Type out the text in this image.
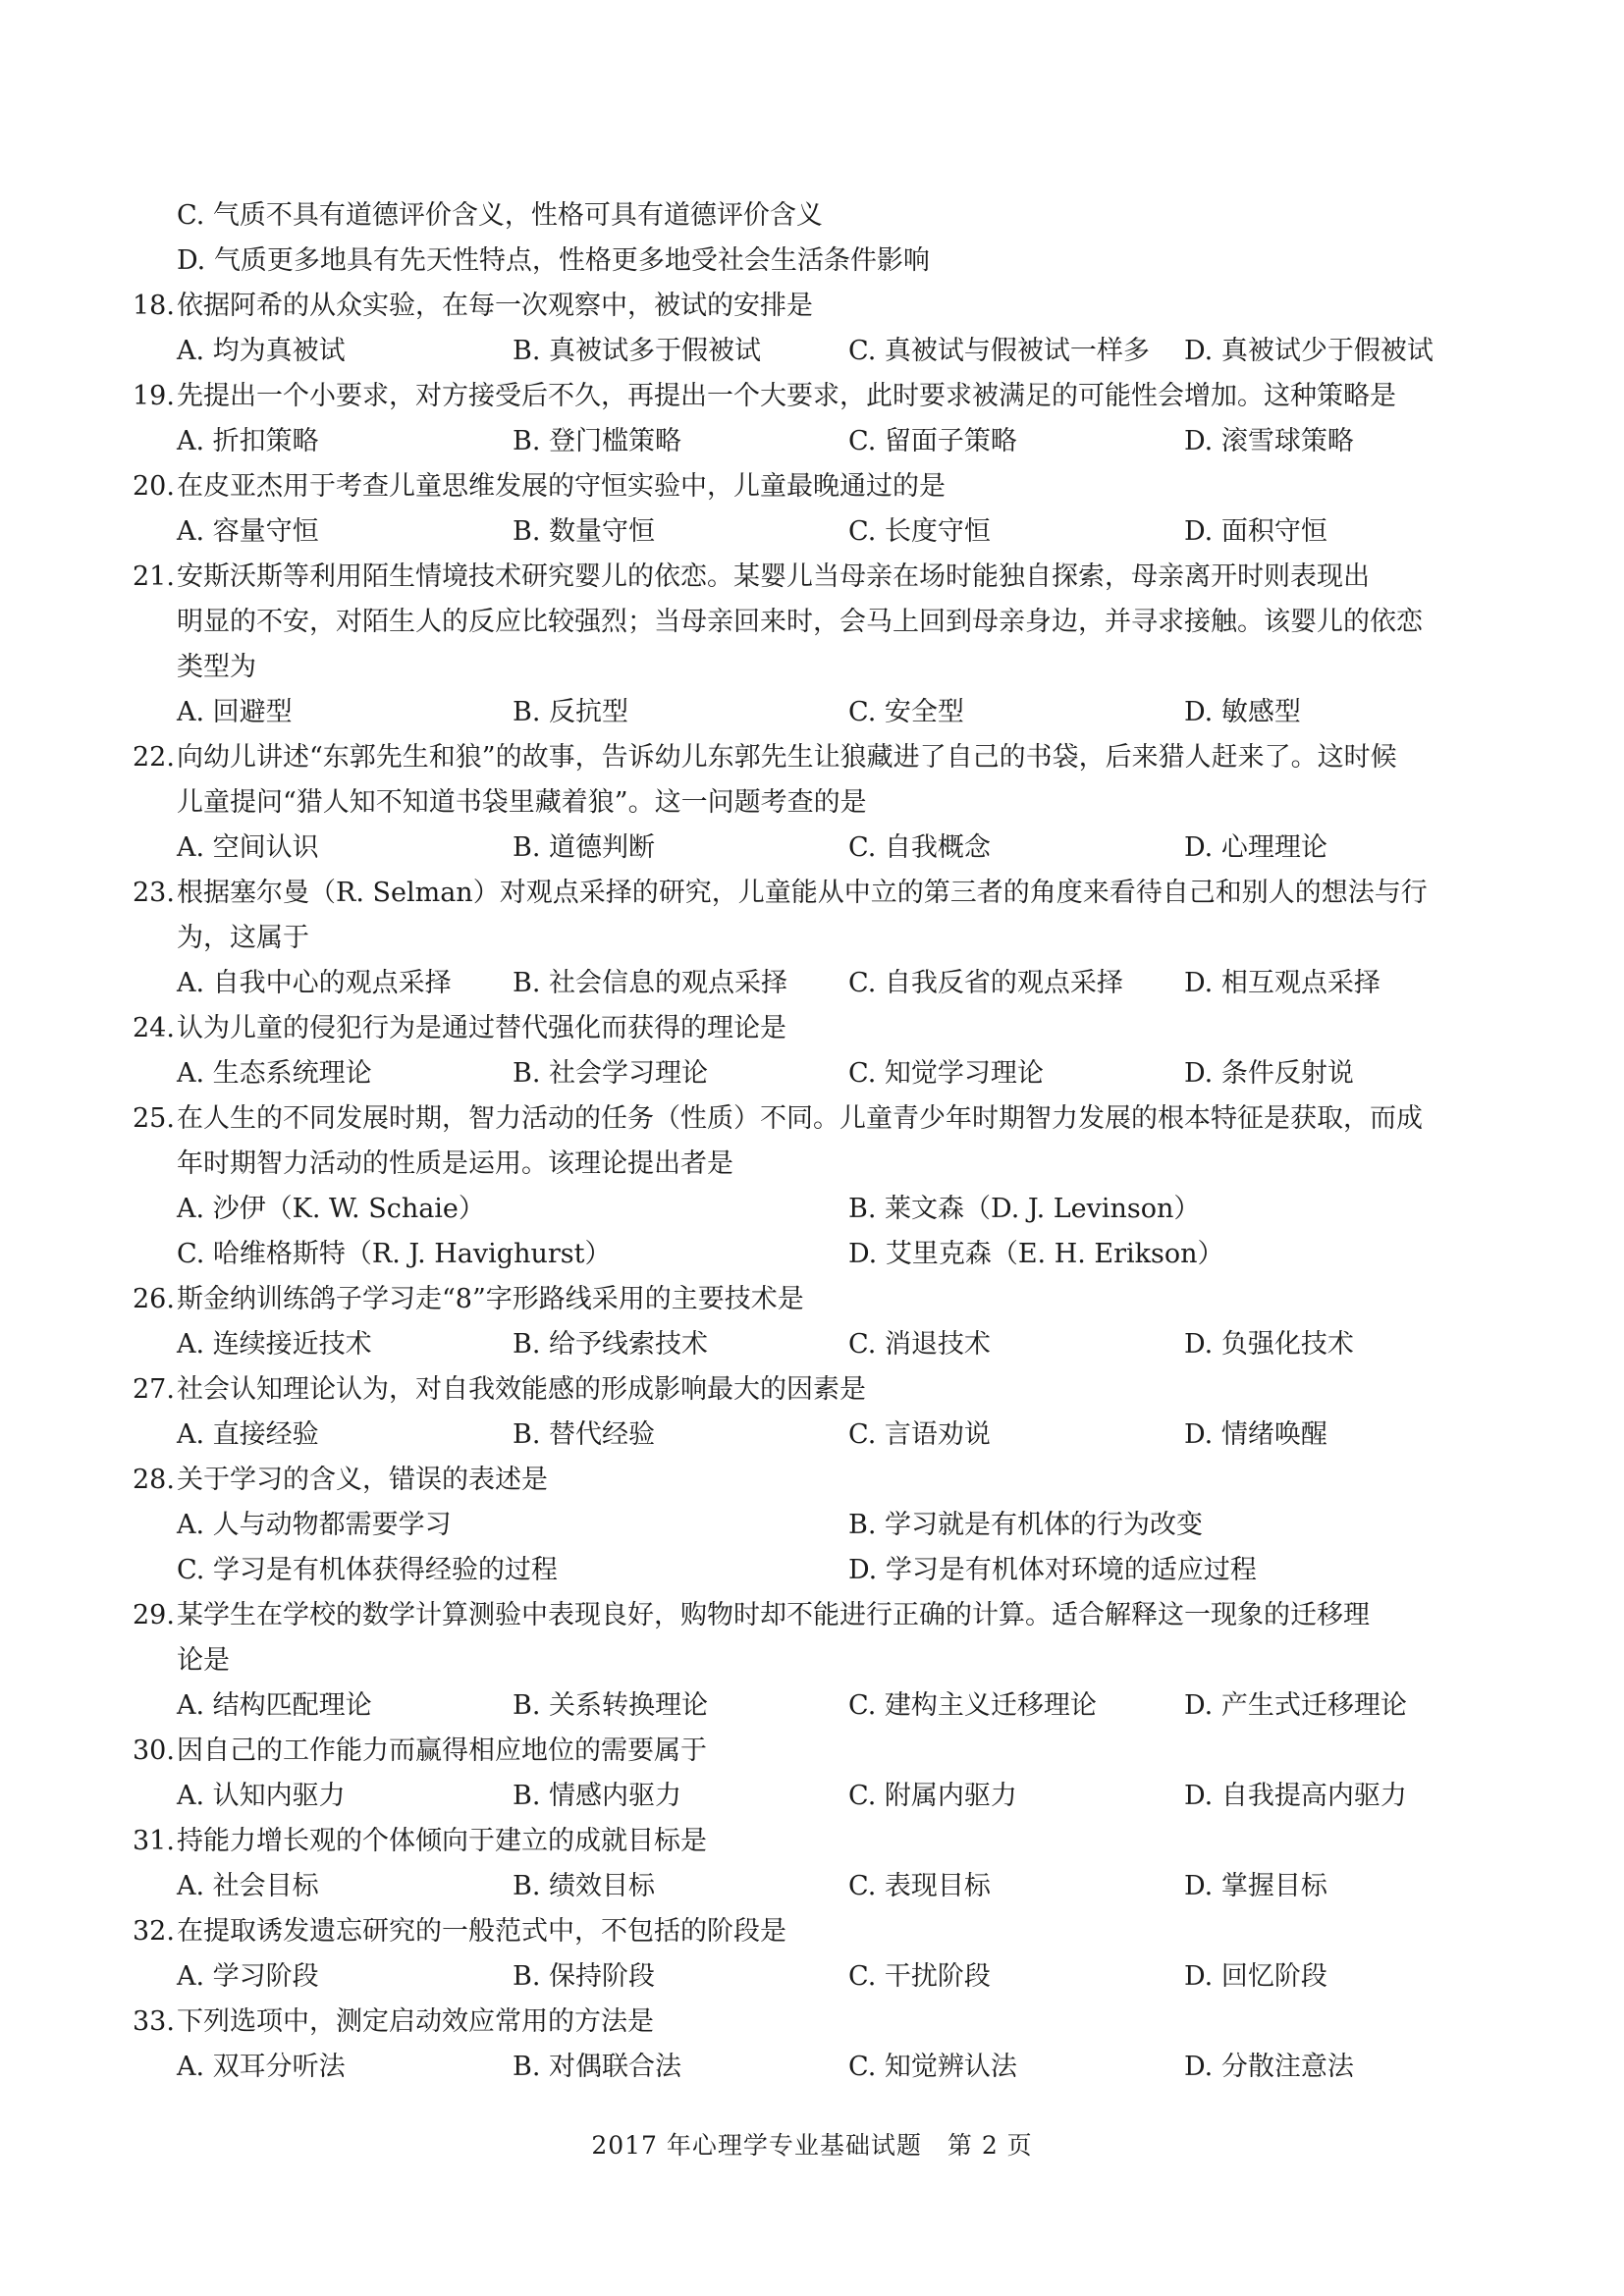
C. 气质不具有道德评价含义，性格可具有道德评价含义
D. 气质更多地具有先天性特点，性格更多地受社会生活条件影响
18. 依据阿希的从众实验，在每一次观察中，被试的安排是
A. 均为真被试	B. 真被试多于假被试	C. 真被试与假被试一样多	D. 真被试少于假被试
19. 先提出一个小要求，对方接受后不久，再提出一个大要求，此时要求被满足的可能性会增加。这种策略是
A. 折扣策略	B. 登门槛策略	C. 留面子策略	D. 滚雪球策略
20. 在皮亚杰用于考查儿童思维发展的守恒实验中，儿童最晚通过的是
A. 容量守恒	B. 数量守恒	C. 长度守恒	D. 面积守恒
21. 安斯沃斯等利用陌生情境技术研究婴儿的依恋。某婴儿当母亲在场时能独自探索，母亲离开时则表现出
明显的不安，对陌生人的反应比较强烈；当母亲回来时，会马上回到母亲身边，并寻求接触。该婴儿的依恋
类型为
A. 回避型	B. 反抗型	C. 安全型	D. 敏感型
22. 向幼儿讲述“东郭先生和狼”的故事，告诉幼儿东郭先生让狼藏进了自己的书袋，后来猎人赶来了。这时候
儿童提问“猎人知不知道书袋里藏着狼”。这一问题考查的是
A. 空间认识	B. 道德判断	C. 自我概念	D. 心理理论
23. 根据塞尔曼（R. Selman）对观点采择的研究，儿童能从中立的第三者的角度来看待自己和别人的想法与行
为，这属于
A. 自我中心的观点采择	B. 社会信息的观点采择	C. 自我反省的观点采择	D. 相互观点采择
24. 认为儿童的侵犯行为是通过替代强化而获得的理论是
A. 生态系统理论	B. 社会学习理论	C. 知觉学习理论	D. 条件反射说
25. 在人生的不同发展时期，智力活动的任务（性质）不同。儿童青少年时期智力发展的根本特征是获取，而成
年时期智力活动的性质是运用。该理论提出者是
A. 沙伊（K. W. Schaie）	B. 莱文森（D. J. Levinson）
C. 哈维格斯特（R. J. Havighurst）	D. 艾里克森（E. H. Erikson）
26. 斯金纳训练鸽子学习走“8”字形路线采用的主要技术是
A. 连续接近技术	B. 给予线索技术	C. 消退技术	D. 负强化技术
27. 社会认知理论认为，对自我效能感的形成影响最大的因素是
A. 直接经验	B. 替代经验	C. 言语劝说	D. 情绪唤醒
28. 关于学习的含义，错误的表述是
A. 人与动物都需要学习	B. 学习就是有机体的行为改变
C. 学习是有机体获得经验的过程	D. 学习是有机体对环境的适应过程
29. 某学生在学校的数学计算测验中表现良好，购物时却不能进行正确的计算。适合解释这一现象的迁移理
论是
A. 结构匹配理论	B. 关系转换理论	C. 建构主义迁移理论	D. 产生式迁移理论
30. 因自己的工作能力而赢得相应地位的需要属于
A. 认知内驱力	B. 情感内驱力	C. 附属内驱力	D. 自我提高内驱力
31. 持能力增长观的个体倾向于建立的成就目标是
A. 社会目标	B. 绩效目标	C. 表现目标	D. 掌握目标
32. 在提取诱发遗忘研究的一般范式中，不包括的阶段是
A. 学习阶段	B. 保持阶段	C. 干扰阶段	D. 回忆阶段
33. 下列选项中，测定启动效应常用的方法是
A. 双耳分听法	B. 对偶联合法	C. 知觉辨认法	D. 分散注意法
2017 年心理学专业基础试题　第 2 页
